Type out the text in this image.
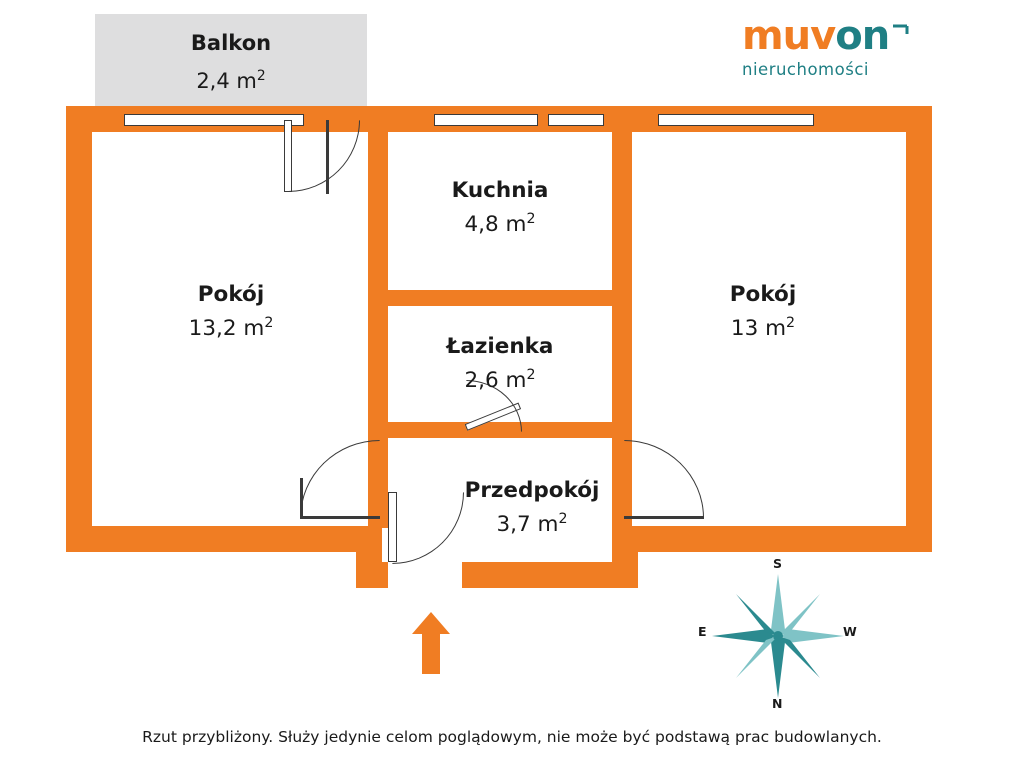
muvon
nieruchomości
Balkon
2,4 $m^2$
Pokój
13,2 $m^2$
Kuchnia
4,8 $m^2$
Pokój
13 $m^2$
Łazienka
2,6 $m^2$
Przedpokój
3,7 $m^2$
S
N
W
E
Rzut przybliżony. Służy jedynie celom poglądowym, nie może być podstawą prac budowlanych.
